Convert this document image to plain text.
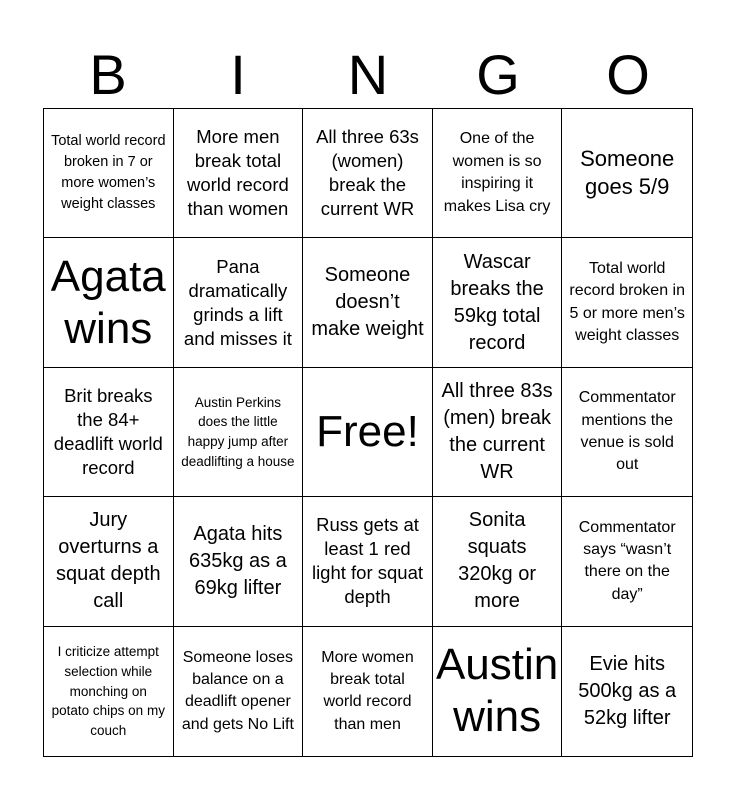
B	I	N	G	O
Total world record broken in 7 or more women’s weight classes
More men break total world record than women
All three 63s (women) break the current WR
One of the women is so inspiring it makes Lisa cry
Someone goes 5/9
Agata wins
Pana dramatically grinds a lift and misses it
Someone doesn’t make weight
Wascar breaks the 59kg total record
Total world record broken in 5 or more men’s weight classes
Brit breaks the 84+ deadlift world record
Austin Perkins does the little happy jump after deadlifting a house
Free!
All three 83s (men) break the current WR
Commentator mentions the venue is sold out
Jury overturns a squat depth call
Agata hits 635kg as a 69kg lifter
Russ gets at least 1 red light for squat depth
Sonita squats 320kg or more
Commentator says “wasn’t there on the day”
I criticize attempt selection while monching on potato chips on my couch
Someone loses balance on a deadlift opener and gets No Lift
More women break total world record than men
Austin wins
Evie hits 500kg as a 52kg lifter
